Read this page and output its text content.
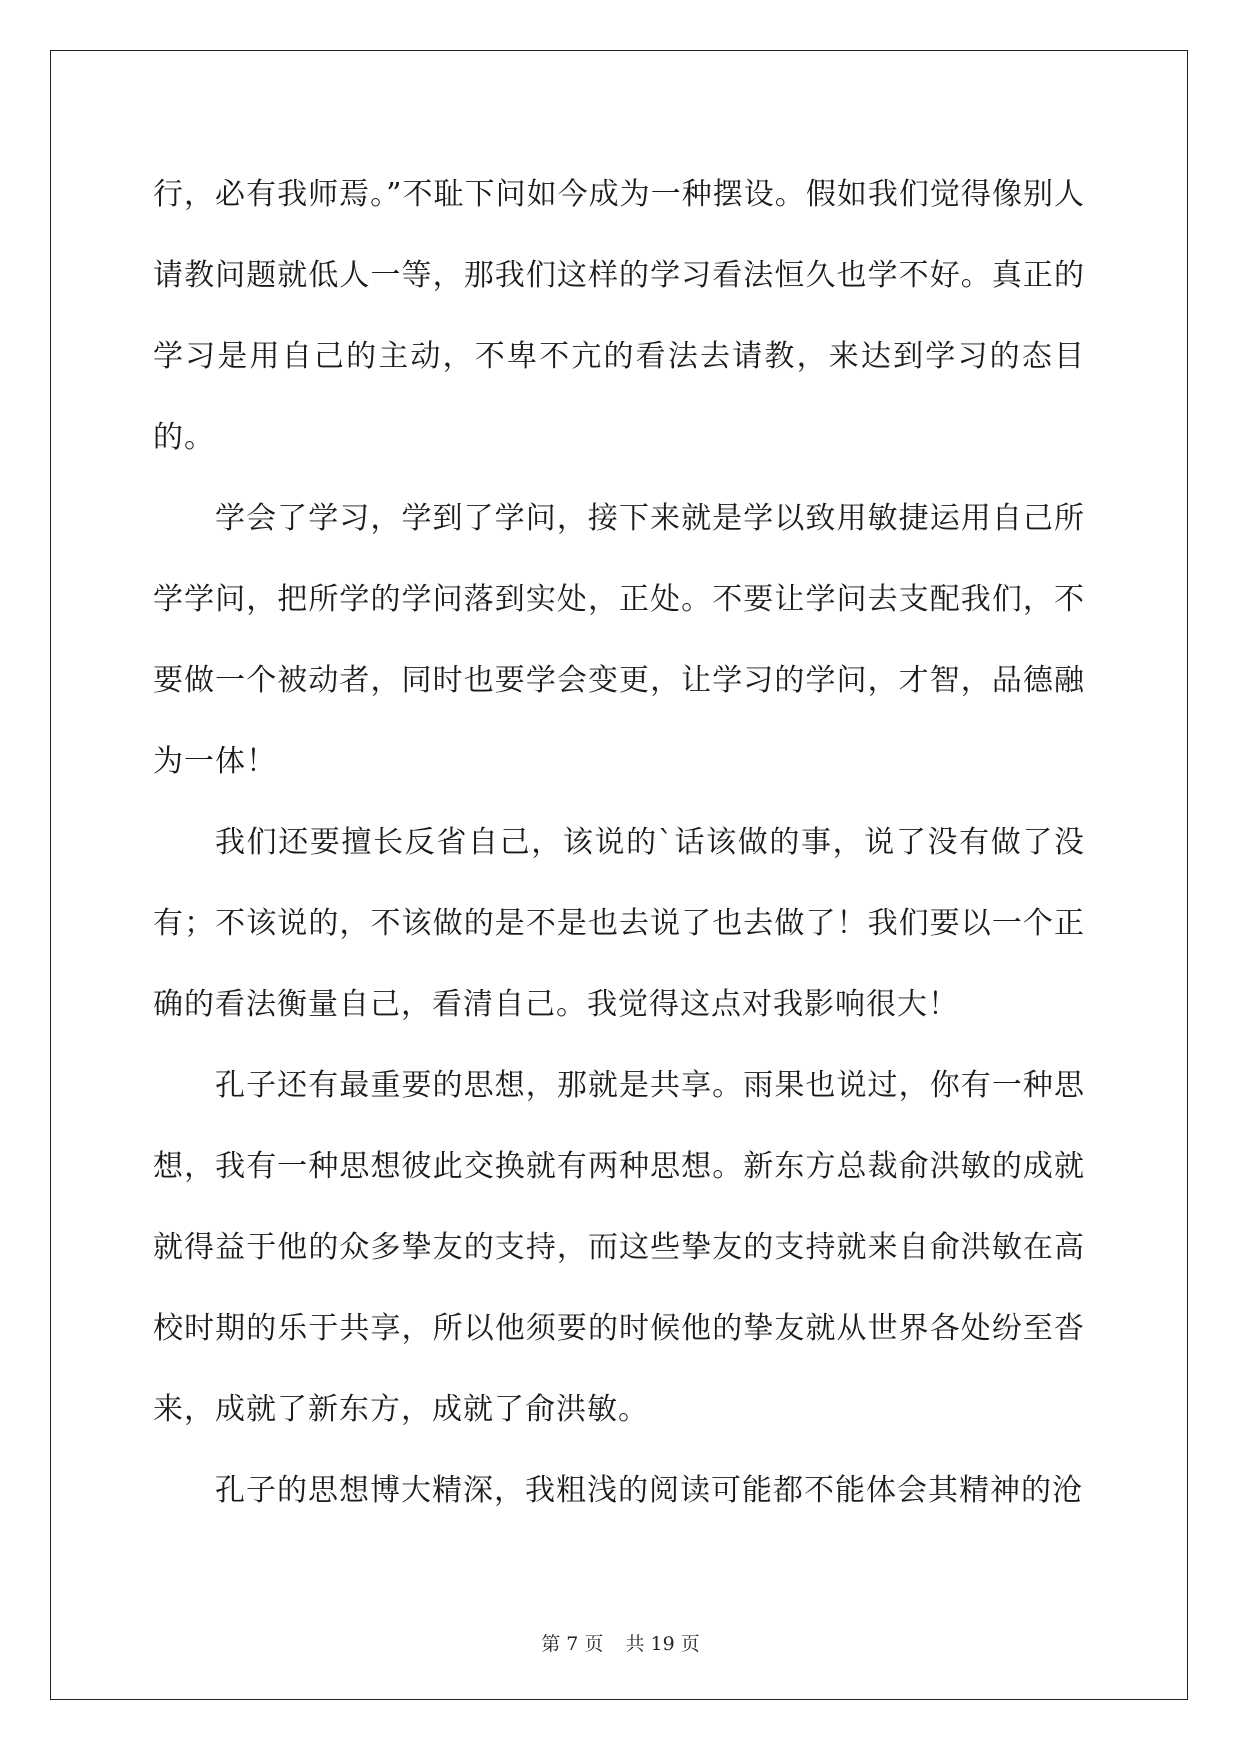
行，必有我师焉。”不耻下问如今成为一种摆设。假如我们觉得像别人请教问题就低人一等，那我们这样的学习看法恒久也学不好。真正的学习是用自己的主动，不卑不亢的看法去请教，来达到学习的态目的。

学会了学习，学到了学问，接下来就是学以致用敏捷运用自己所学学问，把所学的学问落到实处，正处。不要让学问去支配我们，不要做一个被动者，同时也要学会变更，让学习的学问，才智，品德融为一体！

我们还要擅长反省自己，该说的`话该做的事，说了没有做了没有；不该说的，不该做的是不是也去说了也去做了！我们要以一个正确的看法衡量自己，看清自己。我觉得这点对我影响很大！

孔子还有最重要的思想，那就是共享。雨果也说过，你有一种思想，我有一种思想彼此交换就有两种思想。新东方总裁俞洪敏的成就就得益于他的众多挚友的支持，而这些挚友的支持就来自俞洪敏在高校时期的乐于共享，所以他须要的时候他的挚友就从世界各处纷至沓来，成就了新东方，成就了俞洪敏。

孔子的思想博大精深，我粗浅的阅读可能都不能体会其精神的沧

第 7 页 共 19 页
